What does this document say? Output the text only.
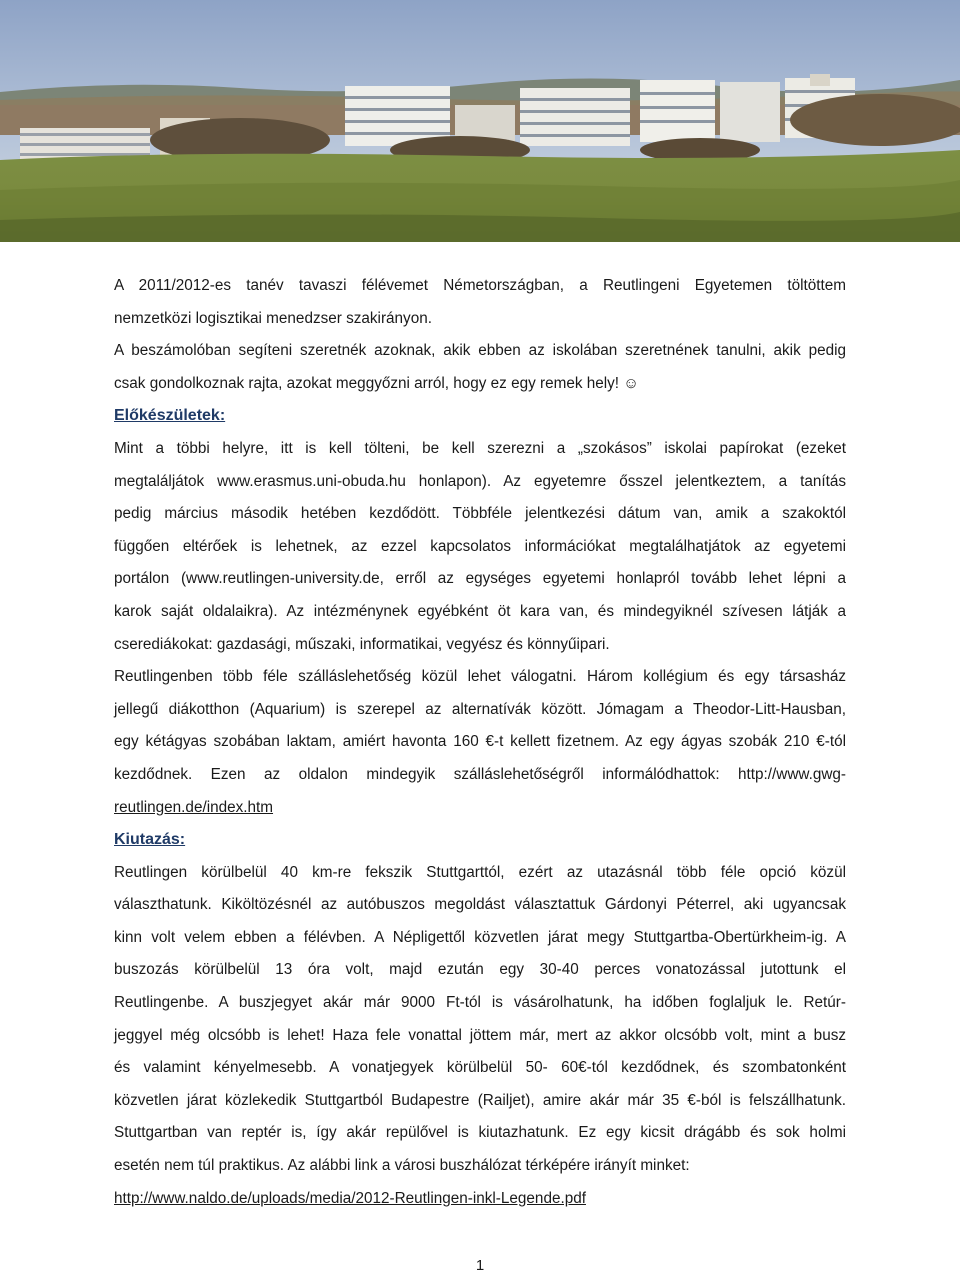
A 2011/2012-es tanév tavaszi félévemet Németországban, a Reutlingeni Egyetemen töltöttem
nemzetközi logisztikai menedzser szakirányon.
A beszámolóban segíteni szeretnék azoknak, akik ebben az iskolában szeretnének tanulni, akik pedig
csak gondolkoznak rajta, azokat meggyőzni arról, hogy ez egy remek hely! ☺
Előkészületek:
Mint a többi helyre, itt is kell tölteni, be kell szerezni a „szokásos” iskolai papírokat (ezeket
megtaláljátok www.erasmus.uni-obuda.hu honlapon). Az egyetemre ősszel jelentkeztem, a tanítás
pedig március második hetében kezdődött. Többféle jelentkezési dátum van, amik a szakoktól
függően eltérőek is lehetnek, az ezzel kapcsolatos információkat megtalálhatjátok az egyetemi
portálon (www.reutlingen-university.de, erről az egységes egyetemi honlapról tovább lehet lépni a
karok saját oldalaikra). Az intézménynek egyébként öt kara van, és mindegyiknél szívesen látják a
cserediákokat: gazdasági, műszaki, informatikai, vegyész és könnyűipari.
Reutlingenben több féle szálláslehetőség közül lehet válogatni. Három kollégium és egy társasház
jellegű diákotthon (Aquarium) is szerepel az alternatívák között. Jómagam a Theodor-Litt-Hausban,
egy kétágyas szobában laktam, amiért havonta 160 €-t kellett fizetnem. Az egy ágyas szobák 210 €-tól
kezdődnek. Ezen az oldalon mindegyik szálláslehetőségről informálódhattok: http://www.gwg-
reutlingen.de/index.htm
Kiutazás:
Reutlingen körülbelül 40 km-re fekszik Stuttgarttól, ezért az utazásnál több féle opció közül
választhatunk. Kiköltözésnél az autóbuszos megoldást választattuk Gárdonyi Péterrel, aki ugyancsak
kinn volt velem ebben a félévben. A Népligettől közvetlen járat megy Stuttgartba-Obertürkheim-ig. A
buszozás körülbelül 13 óra volt, majd ezután egy 30-40 perces vonatozással jutottunk el
Reutlingenbe. A buszjegyet akár már 9000 Ft-tól is vásárolhatunk, ha időben foglaljuk le. Retúr-
jeggyel még olcsóbb is lehet! Haza fele vonattal jöttem már, mert az akkor olcsóbb volt, mint a busz
és valamint kényelmesebb. A vonatjegyek körülbelül 50- 60€-tól kezdődnek, és szombatonként
közvetlen járat közlekedik Stuttgartból Budapestre (Railjet), amire akár már 35 €-ból is felszállhatunk.
Stuttgartban van reptér is, így akár repülővel is kiutazhatunk. Ez egy kicsit drágább és sok holmi
esetén nem túl praktikus. Az alábbi link a városi buszhálózat térképére irányít minket:
http://www.naldo.de/uploads/media/2012-Reutlingen-inkl-Legende.pdf
1
